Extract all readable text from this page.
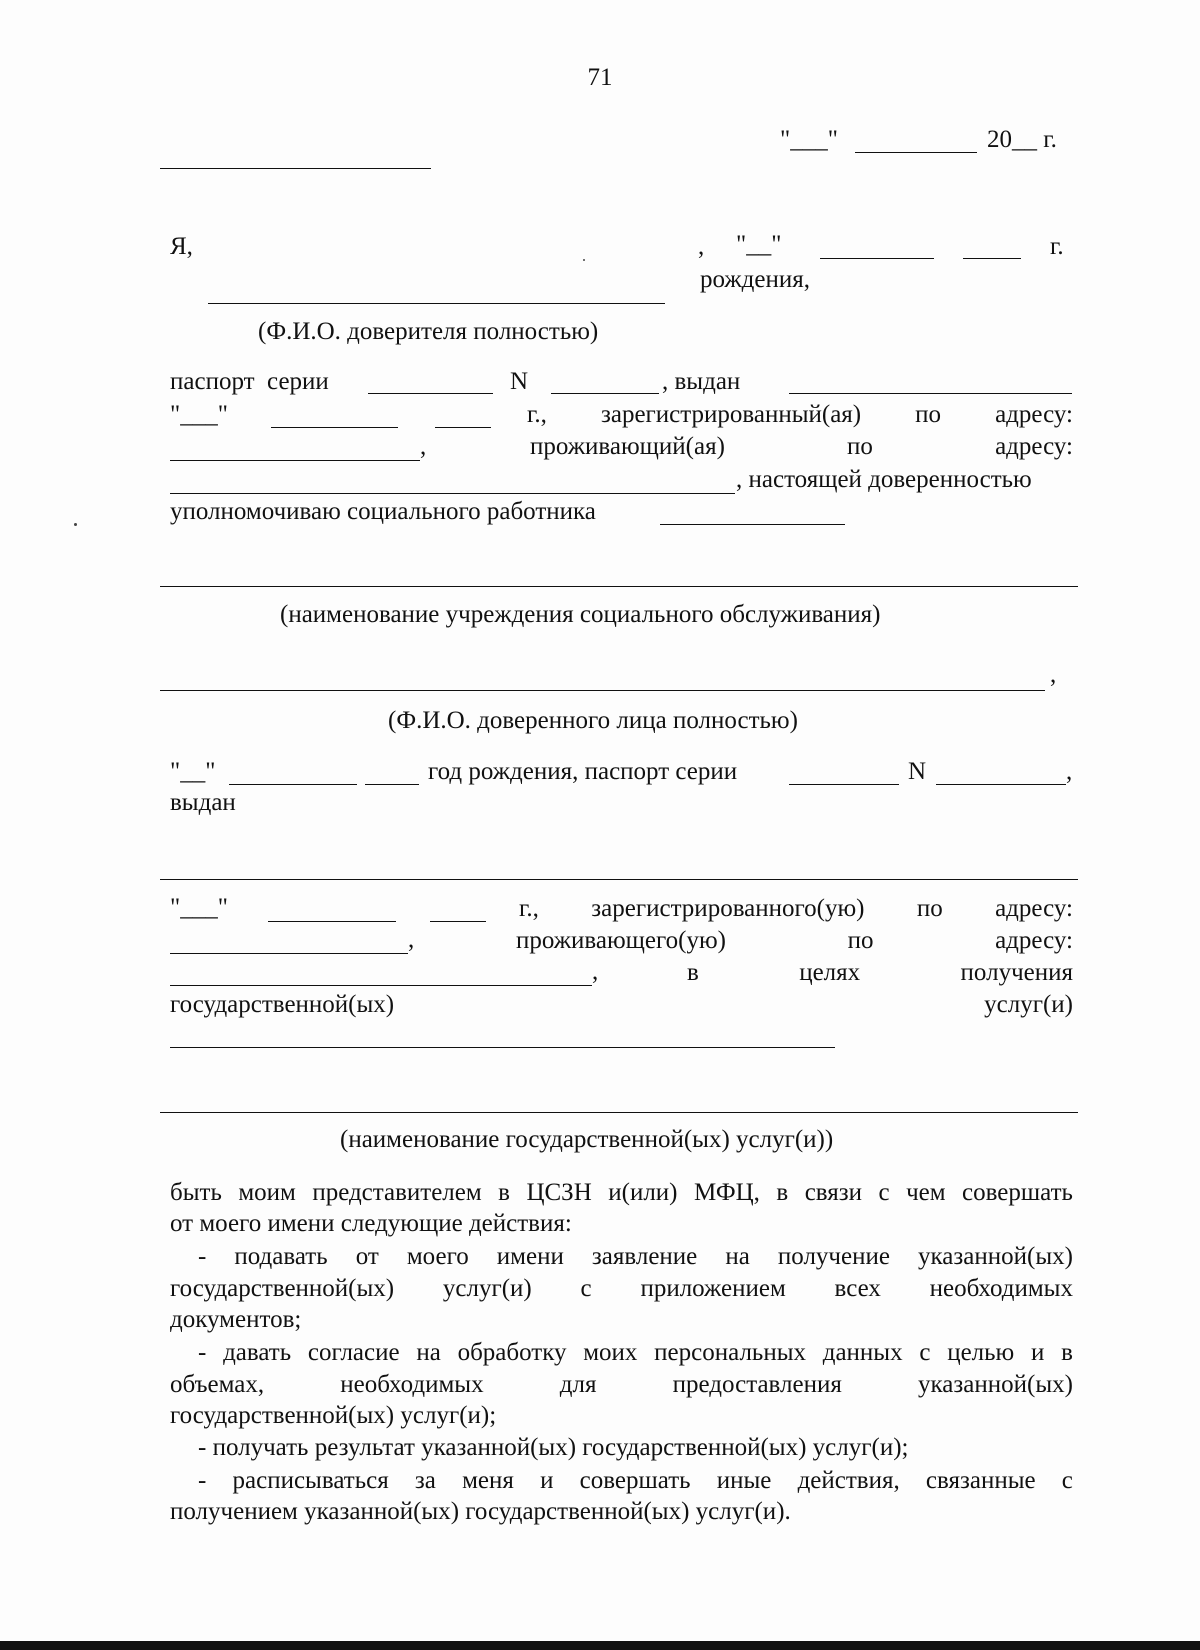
71
"___"	20__ г.
Я,	, "__"	г.
рождения,
(Ф.И.О. доверителя полностью)
паспорт  серии	N	, выдан
"___"	г., зарегистрированный(ая) по адресу:
,	проживающий(ая)	по	адресу:
, настоящей доверенностью
уполномочиваю социального работника
(наименование учреждения социального обслуживания)
,
(Ф.И.О. доверенного лица полностью)
"__"	год рождения, паспорт серии	N	,
выдан
"___"	г., зарегистрированного(ую) по адресу:
,	проживающего(ую)	по	адресу:
,	в	целях	получения
государственной(ых)	услуг(и)
(наименование государственной(ых) услуг(и))
быть моим представителем в ЦСЗН и(или) МФЦ, в связи с чем совершать
от моего имени следующие действия:
- подавать от моего имени заявление на получение указанной(ых)
государственной(ых) услуг(и) с приложением всех необходимых
документов;
- давать согласие на обработку моих персональных данных с целью и в
объемах,	необходимых	для	предоставления	указанной(ых)
государственной(ых) услуг(и);
- получать результат указанной(ых) государственной(ых) услуг(и);
- расписываться за меня и совершать иные действия, связанные с
получением указанной(ых) государственной(ых) услуг(и).
